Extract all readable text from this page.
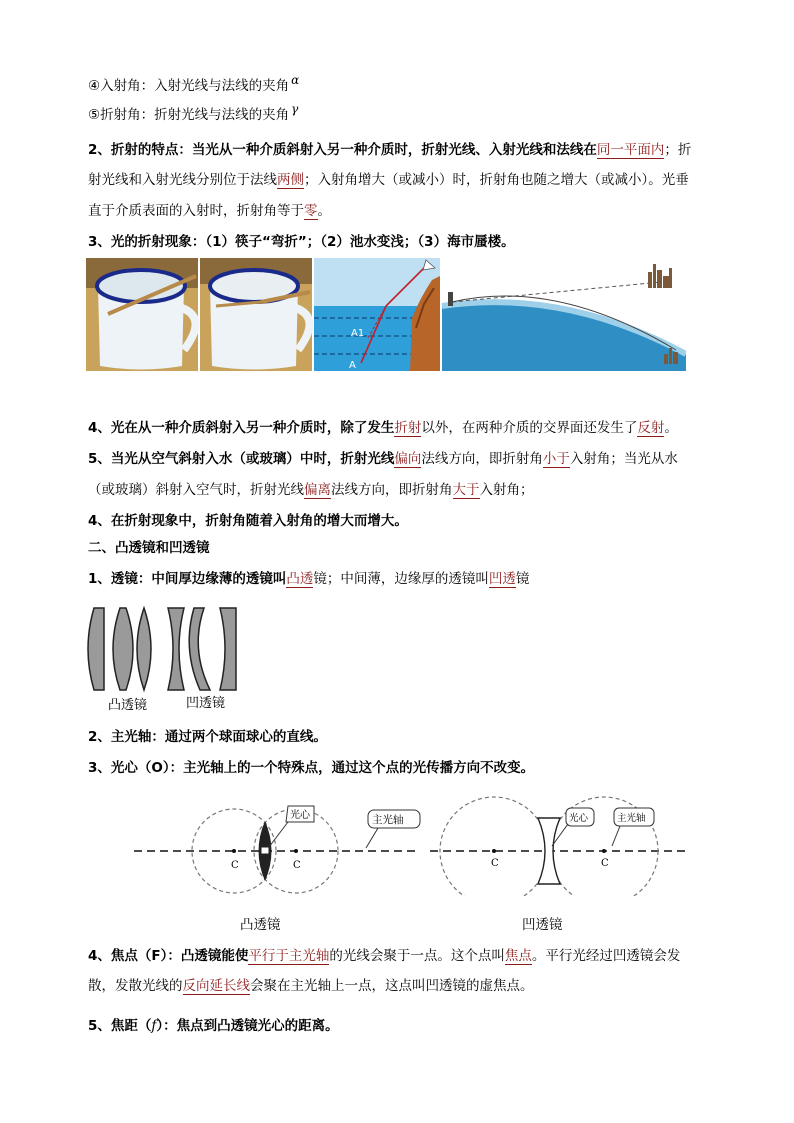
④入射角：入射光线与法线的夹角 α
⑤折射角：折射光线与法线的夹角 γ
2、折射的特点：当光从一种介质斜射入另一种介质时，折射光线、入射光线和法线在同一平面内；折
射光线和入射光线分别位于法线两侧；入射角增大（或减小）时，折射角也随之增大（或减小）。光垂
直于介质表面的入射时，折射角等于零。
3、光的折射现象：（1）筷子“弯折”；（2）池水变浅；（3）海市蜃楼。
A1
A
4、光在从一种介质斜射入另一种介质时，除了发生折射以外，在两种介质的交界面还发生了反射。
5、当光从空气斜射入水（或玻璃）中时，折射光线偏向法线方向，即折射角小于入射角；当光从水
（或玻璃）斜射入空气时，折射光线偏离法线方向，即折射角大于入射角；
4、在折射现象中，折射角随着入射角的增大而增大。
二、凸透镜和凹透镜
1、透镜：中间厚边缘薄的透镜叫凸透镜；中间薄，边缘厚的透镜叫凹透镜
凸透镜	凹透镜
2、主光轴：通过两个球面球心的直线。
3、光心（O）：主光轴上的一个特殊点，通过这个点的光传播方向不改变。
C	C
光心	主光轴
C	C
光心	主光轴
凸透镜	凹透镜
4、焦点（F）：凸透镜能使平行于主光轴的光线会聚于一点。这个点叫焦点。平行光经过凹透镜会发
散，发散光线的反向延长线会聚在主光轴上一点，这点叫凹透镜的虚焦点。
5、焦距（f）：焦点到凸透镜光心的距离。
